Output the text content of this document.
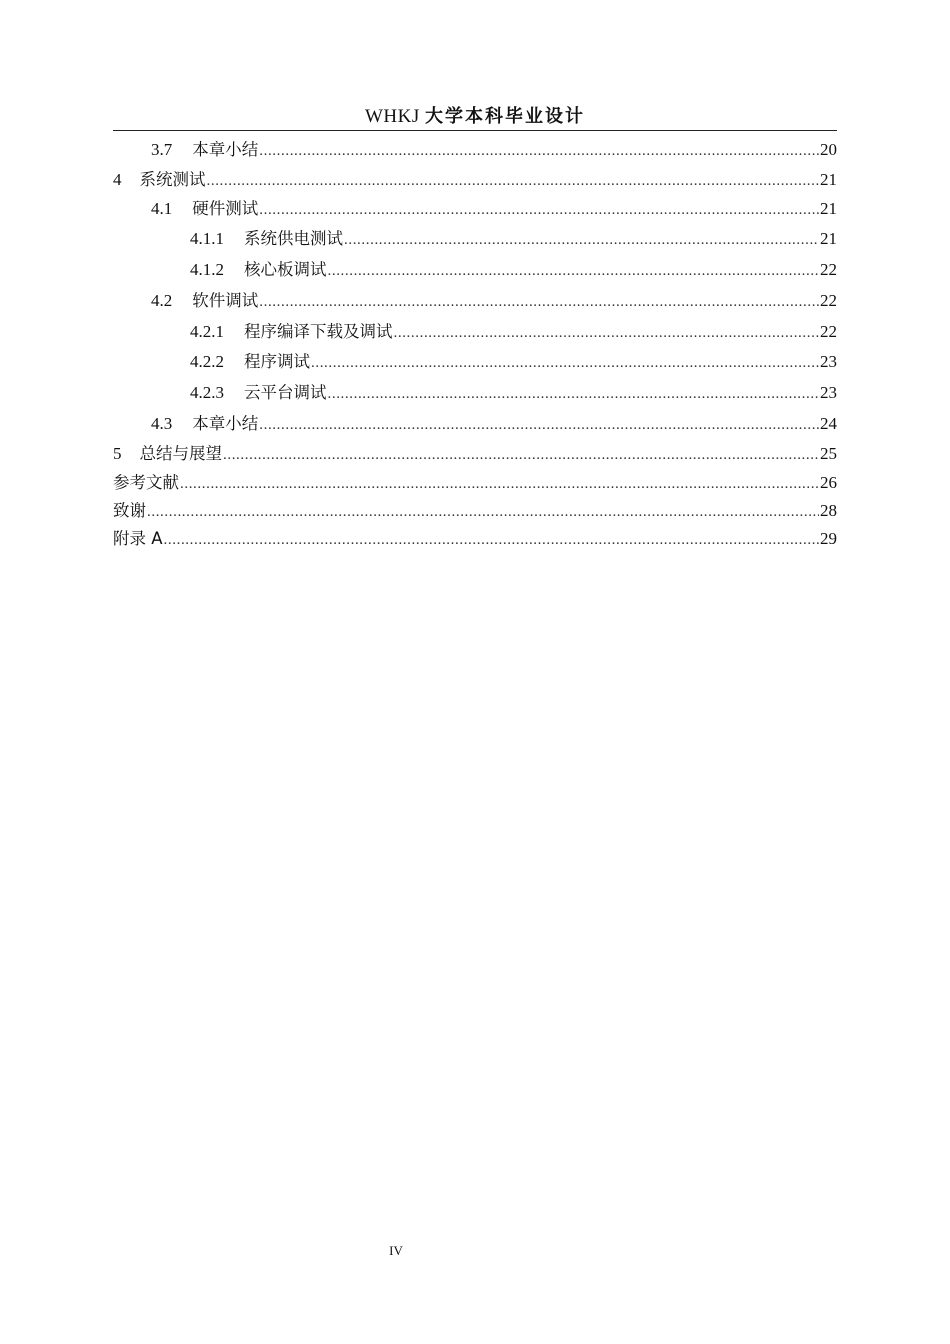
WHKJ 大学本科毕业设计
3.7 本章小结 .....	20
4 系统测试 .....	21
4.1 硬件测试 .....	21
4.1.1 系统供电测试 .....	21
4.1.2 核心板调试 .....	22
4.2 软件调试 .....	22
4.2.1 程序编译下载及调试 .....	22
4.2.2 程序调试 .....	23
4.2.3 云平台调试 .....	23
4.3 本章小结 .....	24
5 总结与展望 .....	25
参考文献 .....	26
致谢 .....	28
附录 A .....	29
IV
